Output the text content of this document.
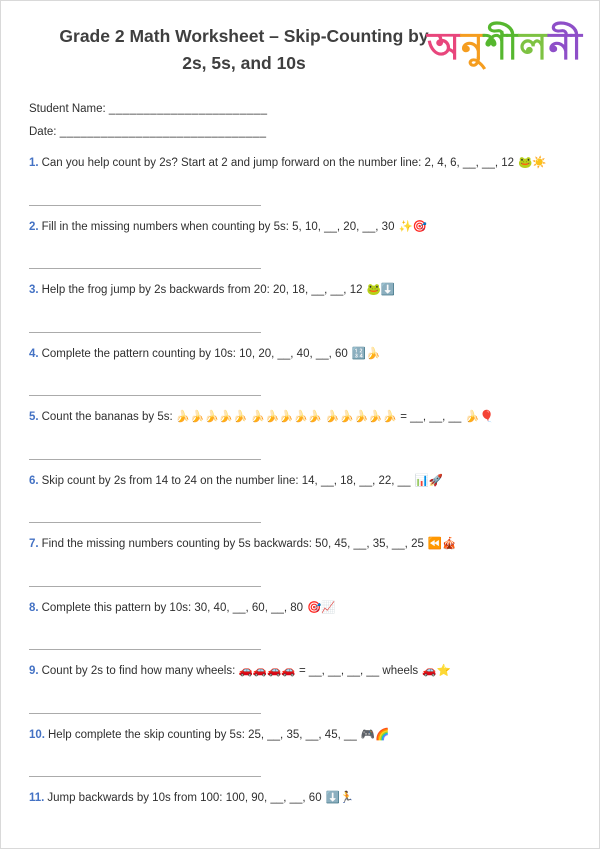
Grade 2 Math Worksheet – Skip-Counting by
2s, 5s, and 10s	অনুশলন

Student Name: _______________________

Date: ______________________________

1. Can you help count by 2s? Start at 2 and jump forward on the number line: 2, 4, 6, __, __, 12 🐸☀️

2. Fill in the missing numbers when counting by 5s: 5, 10, __, 20, __, 30 ✨🎯

3. Help the frog jump by 2s backwards from 20: 20, 18, __, __, 12 🐸⬇️

4. Complete the pattern counting by 10s: 10, 20, __, 40, __, 60 🔢🍌

5. Count the bananas by 5s: 🍌🍌🍌🍌🍌 🍌🍌🍌🍌🍌 🍌🍌🍌🍌🍌 = __, __, __ 🍌🎈

6. Skip count by 2s from 14 to 24 on the number line: 14, __, 18, __, 22, __ 📊🚀

7. Find the missing numbers counting by 5s backwards: 50, 45, __, 35, __, 25 ⏪🎪

8. Complete this pattern by 10s: 30, 40, __, 60, __, 80 🎯📈

9. Count by 2s to find how many wheels: 🚗🚗🚗🚗 = __, __, __, __ wheels 🚗⭐

10. Help complete the skip counting by 5s: 25, __, 35, __, 45, __ 🎮🌈

11. Jump backwards by 10s from 100: 100, 90, __, __, 60 ⬇️🏃
